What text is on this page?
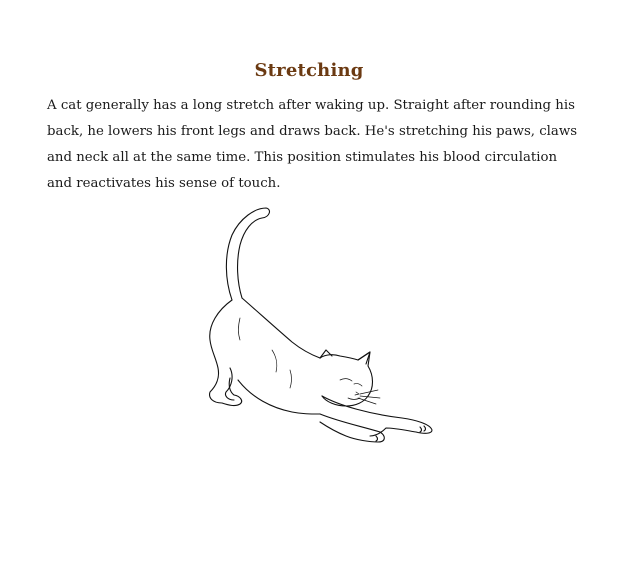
Stretching
A cat generally has a long stretch after waking up. Straight after rounding his
back, he lowers his front legs and draws back. He's stretching his paws, claws
and neck all at the same time. This position stimulates his blood circulation
and reactivates his sense of touch.
